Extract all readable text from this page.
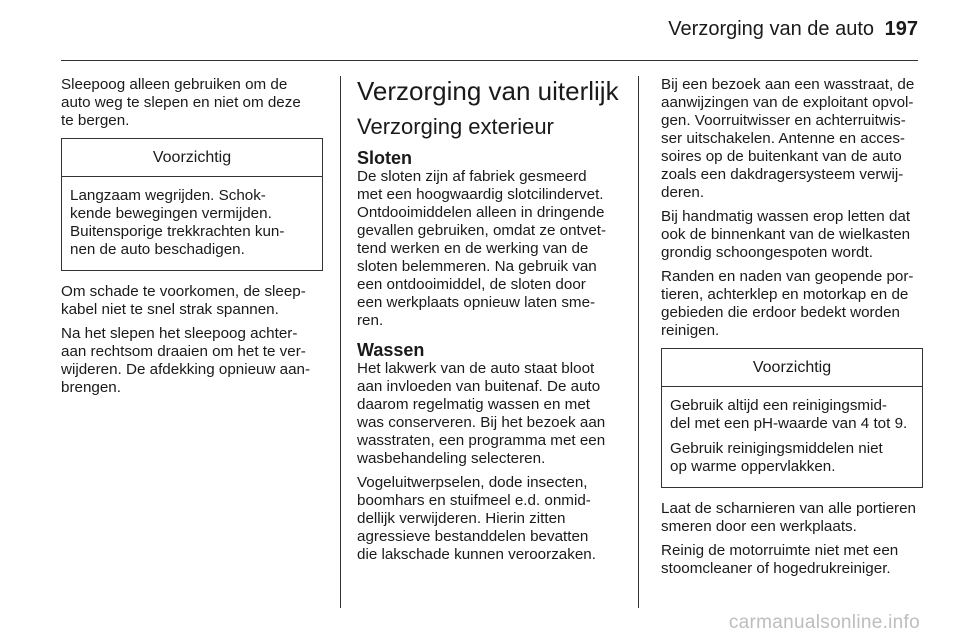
Verzorging van de auto 197

Sleepoog alleen gebruiken om de
auto weg te slepen en niet om deze
te bergen.

Voorzichtig

Langzaam wegrijden. Schok-
kende bewegingen vermijden.
Buitensporige trekkrachten kun-
nen de auto beschadigen.

Om schade te voorkomen, de sleep-
kabel niet te snel strak spannen.

Na het slepen het sleepoog achter-
aan rechtsom draaien om het te ver-
wijderen. De afdekking opnieuw aan-
brengen.

Verzorging van uiterlijk
Verzorging exterieur
Sloten

De sloten zijn af fabriek gesmeerd
met een hoogwaardig slotcilindervet.
Ontdooimiddelen alleen in dringende
gevallen gebruiken, omdat ze ontvet-
tend werken en de werking van de
sloten belemmeren. Na gebruik van
een ontdooimiddel, de sloten door
een werkplaats opnieuw laten sme-
ren.

Wassen

Het lakwerk van de auto staat bloot
aan invloeden van buitenaf. De auto
daarom regelmatig wassen en met
was conserveren. Bij het bezoek aan
wasstraten, een programma met een
wasbehandeling selecteren.

Vogeluitwerpselen, dode insecten,
boomhars en stuifmeel e.d. onmid-
dellijk verwijderen. Hierin zitten
agressieve bestanddelen bevatten
die lakschade kunnen veroorzaken.

Bij een bezoek aan een wasstraat, de
aanwijzingen van de exploitant opvol-
gen. Voorruitwisser en achterruitwis-
ser uitschakelen. Antenne en acces-
soires op de buitenkant van de auto
zoals een dakdragersysteem verwij-
deren.

Bij handmatig wassen erop letten dat
ook de binnenkant van de wielkasten
grondig schoongespoten wordt.

Randen en naden van geopende por-
tieren, achterklep en motorkap en de
gebieden die erdoor bedekt worden
reinigen.

Voorzichtig

Gebruik altijd een reinigingsmid-
del met een pH-waarde van 4 tot 9.

Gebruik reinigingsmiddelen niet
op warme oppervlakken.

Laat de scharnieren van alle portieren
smeren door een werkplaats.

Reinig de motorruimte niet met een
stoomcleaner of hogedrukreiniger.

carmanualsonline.info
